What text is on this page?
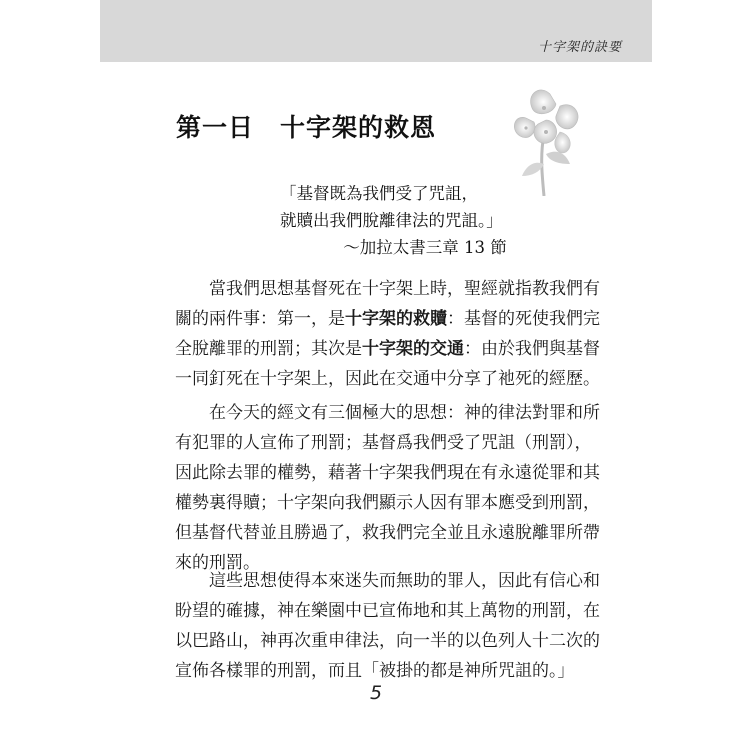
十字架的訣要
第一日　十字架的救恩
「基督既為我們受了咒詛，
就贖出我們脫離律法的咒詛。」
～加拉太書三章 13 節
當我們思想基督死在十字架上時，聖經就指教我們有
關的兩件事：第一，是十字架的救贖：基督的死使我們完
全脫離罪的刑罰；其次是十字架的交通：由於我們與基督
一同釘死在十字架上，因此在交通中分享了祂死的經歷。
在今天的經文有三個極大的思想：神的律法對罪和所
有犯罪的人宣佈了刑罰；基督爲我們受了咒詛（刑罰），
因此除去罪的權勢，藉著十字架我們現在有永遠從罪和其
權勢裏得贖；十字架向我們顯示人因有罪本應受到刑罰，
但基督代替並且勝過了，救我們完全並且永遠脫離罪所帶
來的刑罰。
這些思想使得本來迷失而無助的罪人，因此有信心和
盼望的確據，神在樂園中已宣佈地和其上萬物的刑罰，在
以巴路山，神再次重申律法，向一半的以色列人十二次的
宣佈各樣罪的刑罰，而且「被掛的都是神所咒詛的。」
5
